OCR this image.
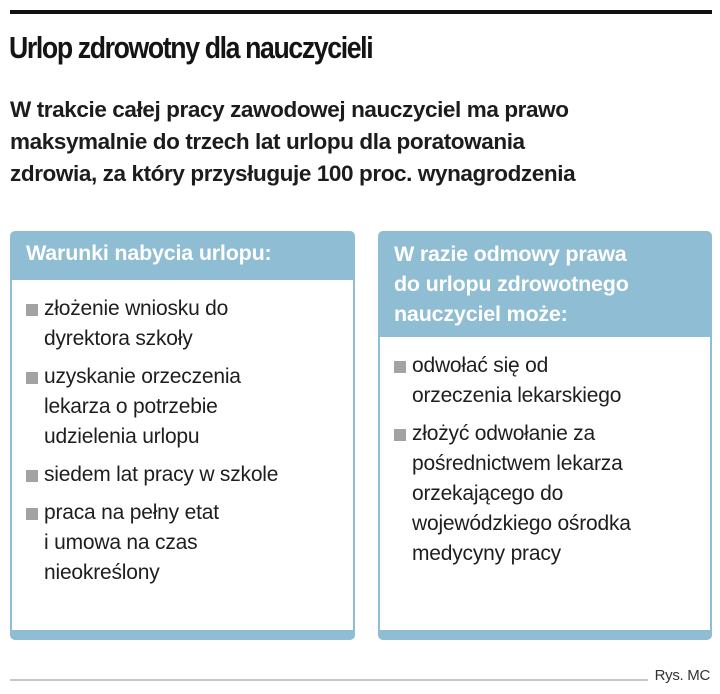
Urlop zdrowotny dla nauczycieli
W trakcie całej pracy zawodowej nauczyciel ma prawo
maksymalnie do trzech lat urlopu dla poratowania
zdrowia, za który przysługuje 100 proc. wynagrodzenia
Warunki nabycia urlopu:
złożenie wniosku do
dyrektora szkoły
uzyskanie orzeczenia
lekarza o potrzebie
udzielenia urlopu
siedem lat pracy w szkole
praca na pełny etat
i umowa na czas
nieokreślony
W razie odmowy prawa
do urlopu zdrowotnego
nauczyciel może:
odwołać się od
orzeczenia lekarskiego
złożyć odwołanie za
pośrednictwem lekarza
orzekającego do
wojewódzkiego ośrodka
medycyny pracy
Rys. MC
